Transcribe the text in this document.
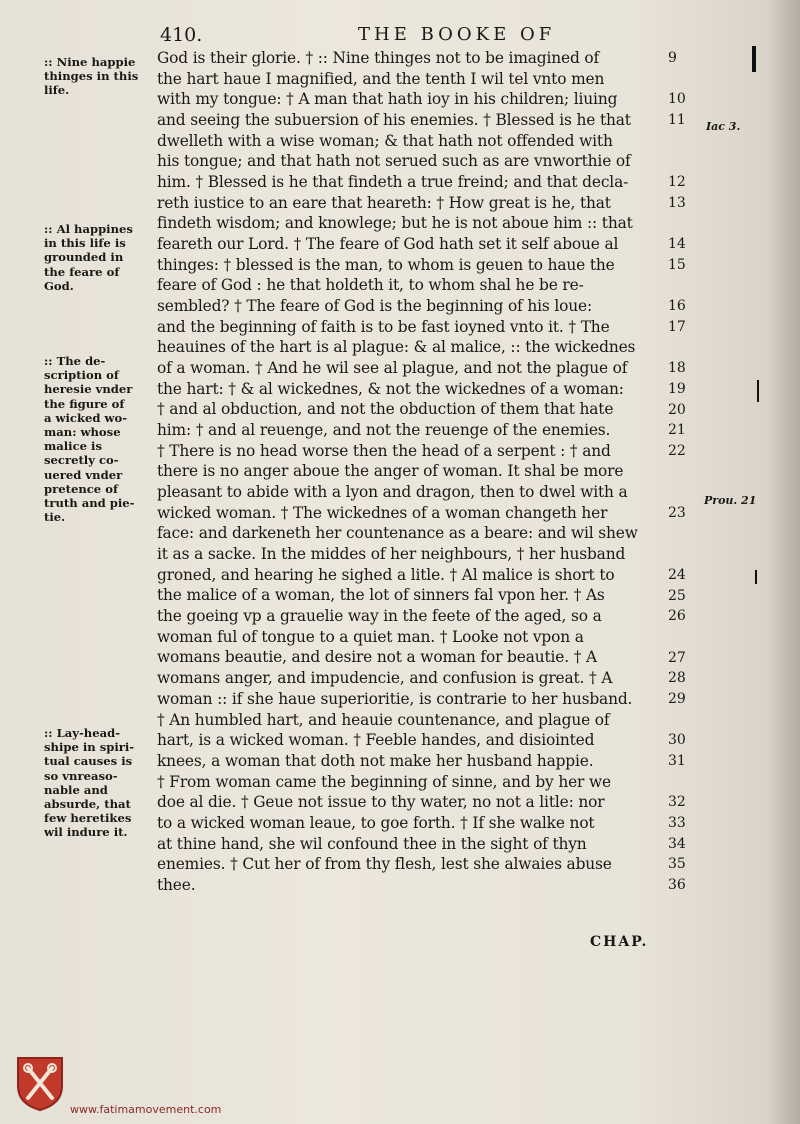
410.	THE BOOKE OF
:: Nine happie
thinges in this
life.
:: Al happines
in this life is
grounded in
the feare of
God.
:: The de-
scription of
heresie vnder
the figure of
a wicked wo-
man: whose
malice is
secretly co-
uered vnder
pretence of
truth and pie-
tie.
:: Lay-head-
shipe in spiri-
tual causes is
so vnreaso-
nable and
absurde, that
few heretikes
wil indure it.
God is their glorie. † :: Nine thinges not to be imagined of
the hart haue I magnified, and the tenth I wil tel vnto men
with my tongue: † A man that hath ioy in his children; liuing
and seeing the subuersion of his enemies. † Blessed is he that
dwelleth with a wise woman; & that hath not offended with
his tongue; and that hath not serued such as are vnworthie of
him. † Blessed is he that findeth a true freind; and that decla-
reth iustice to an eare that heareth: † How great is he, that
findeth wisdom; and knowlege; but he is not aboue him :: that
feareth our Lord. † The feare of God hath set it self aboue al
thinges: † blessed is the man, to whom is geuen to haue the
feare of God : he that holdeth it, to whom shal he be re-
sembled? † The feare of God is the beginning of his loue:
and the beginning of faith is to be fast ioyned vnto it. † The
heauines of the hart is al plague: & al malice, :: the wickednes
of a woman. † And he wil see al plague, and not the plague of
the hart: † & al wickednes, & not the wickednes of a woman:
† and al obduction, and not the obduction of them that hate
him: † and al reuenge, and not the reuenge of the enemies.
† There is no head worse then the head of a serpent : † and
there is no anger aboue the anger of woman. It shal be more
pleasant to abide with a lyon and dragon, then to dwel with a
wicked woman. † The wickednes of a woman changeth her
face: and darkeneth her countenance as a beare: and wil shew
it as a sacke. In the middes of her neighbours, † her husband
groned, and hearing he sighed a litle. † Al malice is short to
the malice of a woman, the lot of sinners fal vpon her. † As
the goeing vp a grauelie way in the feete of the aged, so a
woman ful of tongue to a quiet man. † Looke not vpon a
womans beautie, and desire not a woman for beautie. † A
womans anger, and impudencie, and confusion is great. † A
woman :: if she haue superioritie, is contrarie to her husband.
† An humbled hart, and heauie countenance, and plague of
hart, is a wicked woman. † Feeble handes, and disiointed
knees, a woman that doth not make her husband happie.
† From woman came the beginning of sinne, and by her we
doe al die. † Geue not issue to thy water, no not a litle: nor
to a wicked woman leaue, to goe forth. † If she walke not
at thine hand, she wil confound thee in the sight of thyn
enemies. † Cut her of from thy flesh, lest she alwaies abuse
thee.
9
10
11
12
13
14
15
16
17
18
19
20
21
22
23
24
25
26
27
28
29
30
31
32
33
34
35
36
Iac 3.
Prou. 21
CHAP.
www.fatimamovement.com
